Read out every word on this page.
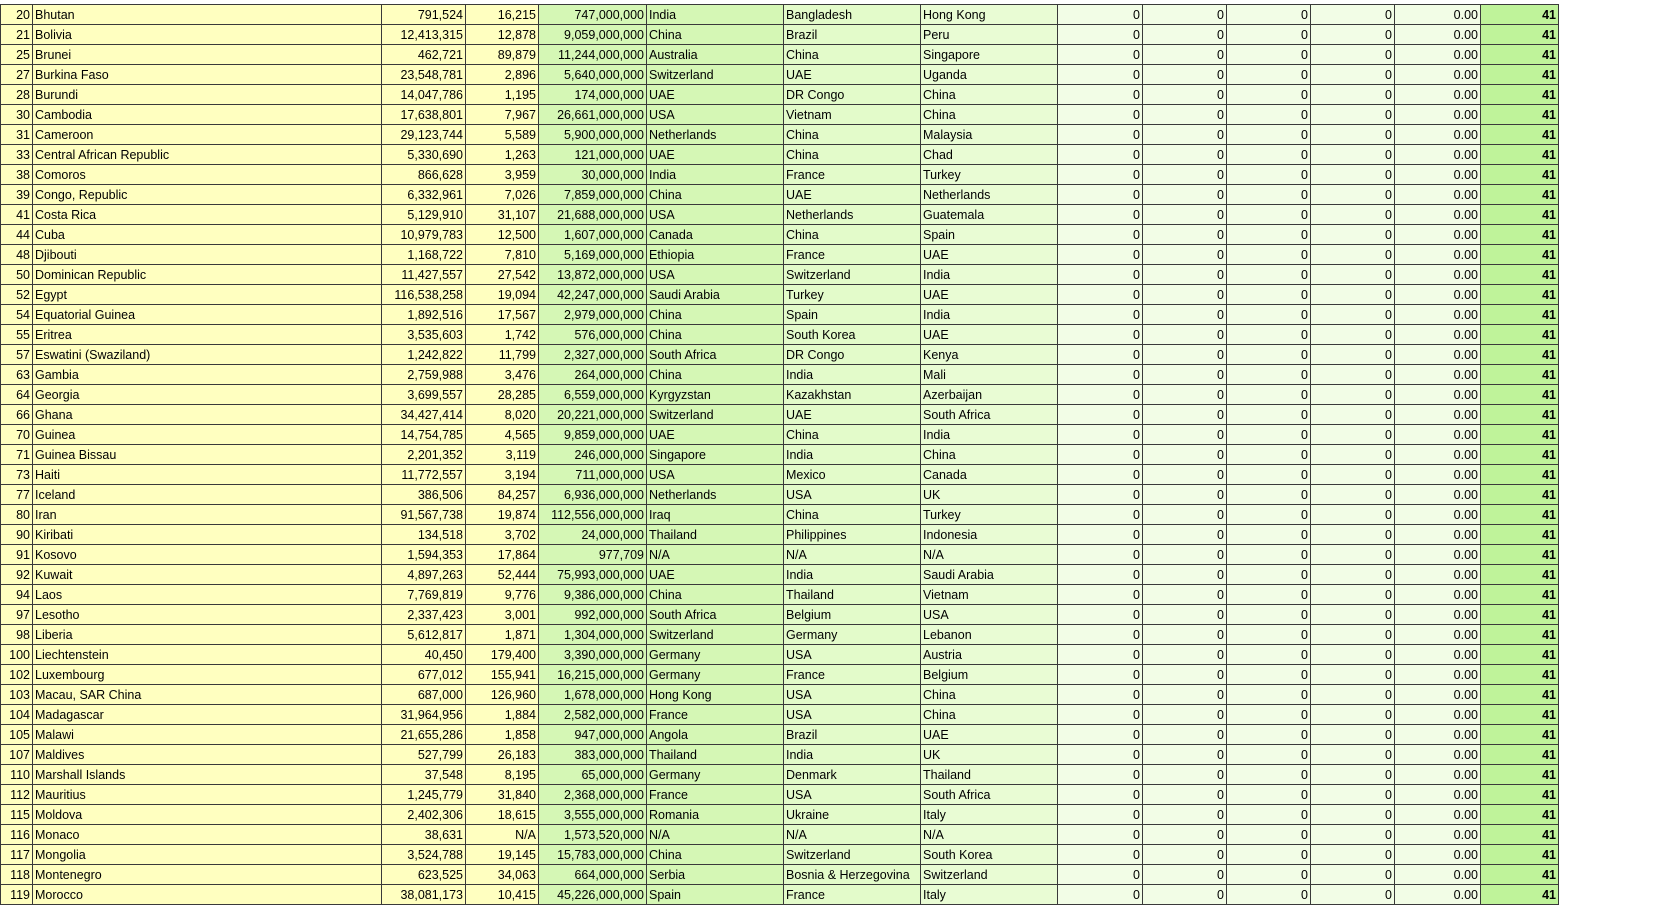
20	Bhutan	791,524	16,215	747,000,000	India	Bangladesh	Hong Kong	0	0	0	0	0.00	41
21	Bolivia	12,413,315	12,878	9,059,000,000	China	Brazil	Peru	0	0	0	0	0.00	41
25	Brunei	462,721	89,879	11,244,000,000	Australia	China	Singapore	0	0	0	0	0.00	41
27	Burkina Faso	23,548,781	2,896	5,640,000,000	Switzerland	UAE	Uganda	0	0	0	0	0.00	41
28	Burundi	14,047,786	1,195	174,000,000	UAE	DR Congo	China	0	0	0	0	0.00	41
30	Cambodia	17,638,801	7,967	26,661,000,000	USA	Vietnam	China	0	0	0	0	0.00	41
31	Cameroon	29,123,744	5,589	5,900,000,000	Netherlands	China	Malaysia	0	0	0	0	0.00	41
33	Central African Republic	5,330,690	1,263	121,000,000	UAE	China	Chad	0	0	0	0	0.00	41
38	Comoros	866,628	3,959	30,000,000	India	France	Turkey	0	0	0	0	0.00	41
39	Congo, Republic	6,332,961	7,026	7,859,000,000	China	UAE	Netherlands	0	0	0	0	0.00	41
41	Costa Rica	5,129,910	31,107	21,688,000,000	USA	Netherlands	Guatemala	0	0	0	0	0.00	41
44	Cuba	10,979,783	12,500	1,607,000,000	Canada	China	Spain	0	0	0	0	0.00	41
48	Djibouti	1,168,722	7,810	5,169,000,000	Ethiopia	France	UAE	0	0	0	0	0.00	41
50	Dominican Republic	11,427,557	27,542	13,872,000,000	USA	Switzerland	India	0	0	0	0	0.00	41
52	Egypt	116,538,258	19,094	42,247,000,000	Saudi Arabia	Turkey	UAE	0	0	0	0	0.00	41
54	Equatorial Guinea	1,892,516	17,567	2,979,000,000	China	Spain	India	0	0	0	0	0.00	41
55	Eritrea	3,535,603	1,742	576,000,000	China	South Korea	UAE	0	0	0	0	0.00	41
57	Eswatini (Swaziland)	1,242,822	11,799	2,327,000,000	South Africa	DR Congo	Kenya	0	0	0	0	0.00	41
63	Gambia	2,759,988	3,476	264,000,000	China	India	Mali	0	0	0	0	0.00	41
64	Georgia	3,699,557	28,285	6,559,000,000	Kyrgyzstan	Kazakhstan	Azerbaijan	0	0	0	0	0.00	41
66	Ghana	34,427,414	8,020	20,221,000,000	Switzerland	UAE	South Africa	0	0	0	0	0.00	41
70	Guinea	14,754,785	4,565	9,859,000,000	UAE	China	India	0	0	0	0	0.00	41
71	Guinea Bissau	2,201,352	3,119	246,000,000	Singapore	India	China	0	0	0	0	0.00	41
73	Haiti	11,772,557	3,194	711,000,000	USA	Mexico	Canada	0	0	0	0	0.00	41
77	Iceland	386,506	84,257	6,936,000,000	Netherlands	USA	UK	0	0	0	0	0.00	41
80	Iran	91,567,738	19,874	112,556,000,000	Iraq	China	Turkey	0	0	0	0	0.00	41
90	Kiribati	134,518	3,702	24,000,000	Thailand	Philippines	Indonesia	0	0	0	0	0.00	41
91	Kosovo	1,594,353	17,864	977,709	N/A	N/A	N/A	0	0	0	0	0.00	41
92	Kuwait	4,897,263	52,444	75,993,000,000	UAE	India	Saudi Arabia	0	0	0	0	0.00	41
94	Laos	7,769,819	9,776	9,386,000,000	China	Thailand	Vietnam	0	0	0	0	0.00	41
97	Lesotho	2,337,423	3,001	992,000,000	South Africa	Belgium	USA	0	0	0	0	0.00	41
98	Liberia	5,612,817	1,871	1,304,000,000	Switzerland	Germany	Lebanon	0	0	0	0	0.00	41
100	Liechtenstein	40,450	179,400	3,390,000,000	Germany	USA	Austria	0	0	0	0	0.00	41
102	Luxembourg	677,012	155,941	16,215,000,000	Germany	France	Belgium	0	0	0	0	0.00	41
103	Macau, SAR China	687,000	126,960	1,678,000,000	Hong Kong	USA	China	0	0	0	0	0.00	41
104	Madagascar	31,964,956	1,884	2,582,000,000	France	USA	China	0	0	0	0	0.00	41
105	Malawi	21,655,286	1,858	947,000,000	Angola	Brazil	UAE	0	0	0	0	0.00	41
107	Maldives	527,799	26,183	383,000,000	Thailand	India	UK	0	0	0	0	0.00	41
110	Marshall Islands	37,548	8,195	65,000,000	Germany	Denmark	Thailand	0	0	0	0	0.00	41
112	Mauritius	1,245,779	31,840	2,368,000,000	France	USA	South Africa	0	0	0	0	0.00	41
115	Moldova	2,402,306	18,615	3,555,000,000	Romania	Ukraine	Italy	0	0	0	0	0.00	41
116	Monaco	38,631	N/A	1,573,520,000	N/A	N/A	N/A	0	0	0	0	0.00	41
117	Mongolia	3,524,788	19,145	15,783,000,000	China	Switzerland	South Korea	0	0	0	0	0.00	41
118	Montenegro	623,525	34,063	664,000,000	Serbia	Bosnia & Herzegovina	Switzerland	0	0	0	0	0.00	41
119	Morocco	38,081,173	10,415	45,226,000,000	Spain	France	Italy	0	0	0	0	0.00	41
